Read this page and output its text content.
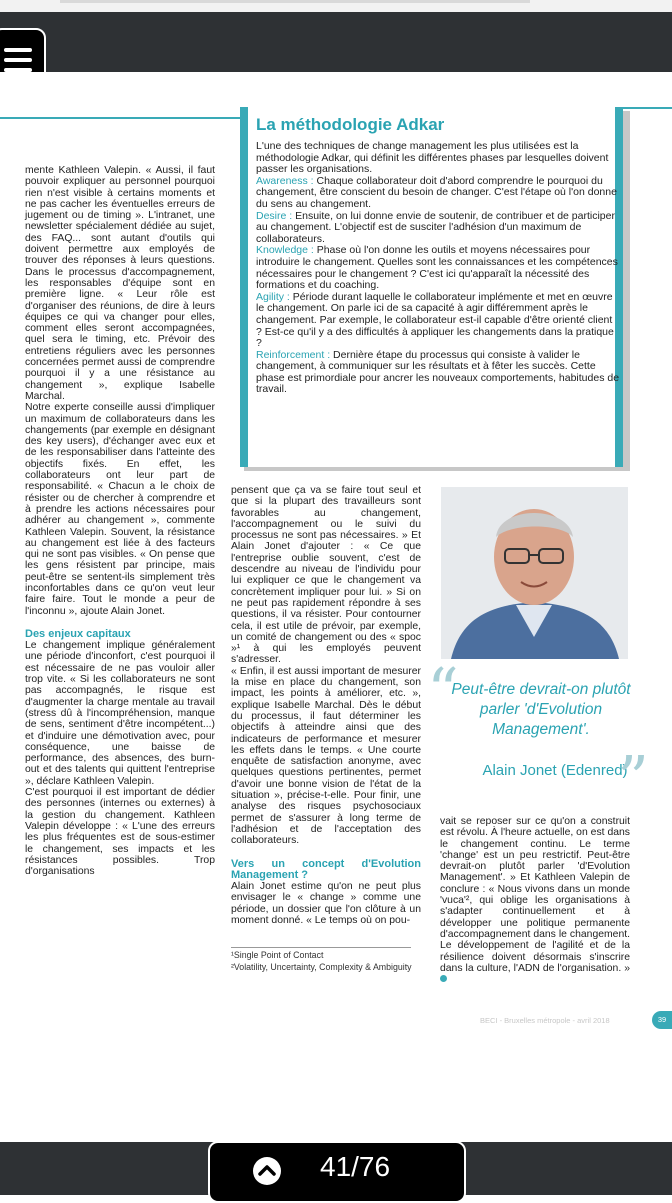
La méthodologie Adkar

L'une des techniques de change management les plus utilisées est la méthodologie Adkar, qui définit les différentes phases par lesquelles doivent passer les organisations.

Awareness : Chaque collaborateur doit d'abord comprendre le pourquoi du changement, être conscient du besoin de changer. C'est l'étape où l'on donne du sens au changement.

Desire : Ensuite, on lui donne envie de soutenir, de contribuer et de participer au changement. L'objectif est de susciter l'adhésion d'un maximum de collaborateurs.

Knowledge : Phase où l'on donne les outils et moyens nécessaires pour introduire le changement. Quelles sont les connaissances et les compétences nécessaires pour le changement ? C'est ici qu'apparaît la nécessité des formations et du coaching.

Agility : Période durant laquelle le collaborateur implémente et met en œuvre le changement. On parle ici de sa capacité à agir différemment après le changement. Par exemple, le collaborateur est-il capable d'être orienté client ? Est-ce qu'il y a des difficultés à appliquer les changements dans la pratique ?

Reinforcement : Dernière étape du processus qui consiste à valider le changement, à communiquer sur les résultats et à fêter les succès. Cette phase est primordiale pour ancrer les nouveaux comportements, habitudes de travail.

mente Kathleen Valepin. « Aussi, il faut pouvoir expliquer au personnel pourquoi rien n'est visible à certains moments et ne pas cacher les éventuelles erreurs de jugement ou de timing ». L'intranet, une newsletter spécialement dédiée au sujet, des FAQ... sont autant d'outils qui doivent permettre aux employés de trouver des réponses à leurs questions. Dans le processus d'accompagnement, les responsables d'équipe sont en première ligne. « Leur rôle est d'organiser des réunions, de dire à leurs équipes ce qui va changer pour elles, comment elles seront accompagnées, quel sera le timing, etc. Prévoir des entretiens réguliers avec les personnes concernées permet aussi de comprendre pourquoi il y a une résistance au changement », explique Isabelle Marchal.

Notre experte conseille aussi d'impliquer un maximum de collaborateurs dans les changements (par exemple en désignant des key users), d'échanger avec eux et de les responsabiliser dans l'atteinte des objectifs fixés. En effet, les collaborateurs ont leur part de responsabilité. « Chacun a le choix de résister ou de chercher à comprendre et à prendre les actions nécessaires pour adhérer au changement », commente Kathleen Valepin. Souvent, la résistance au changement est liée à des facteurs qui ne sont pas visibles. « On pense que les gens résistent par principe, mais peut-être se sentent-ils simplement très inconfortables dans ce qu'on veut leur faire faire. Tout le monde a peur de l'inconnu », ajoute Alain Jonet.

Des enjeux capitaux

Le changement implique généralement une période d'inconfort, c'est pourquoi il est nécessaire de ne pas vouloir aller trop vite. « Si les collaborateurs ne sont pas accompagnés, le risque est d'augmenter la charge mentale au travail (stress dû à l'incompréhension, manque de sens, sentiment d'être incompétent...) et d'induire une démotivation avec, pour conséquence, une baisse de performance, des absences, des burn-out et des talents qui quittent l'entreprise », déclare Kathleen Valepin.

C'est pourquoi il est important de dédier des personnes (internes ou externes) à la gestion du changement. Kathleen Valepin développe : « L'une des erreurs les plus fréquentes est de sous-estimer le changement, ses impacts et les résistances possibles. Trop d'organisations

pensent que ça va se faire tout seul et que si la plupart des travailleurs sont favorables au changement, l'accompagnement ou le suivi du processus ne sont pas nécessaires. » Et Alain Jonet d'ajouter : « Ce que l'entreprise oublie souvent, c'est de descendre au niveau de l'individu pour lui expliquer ce que le changement va concrètement impliquer pour lui. » Si on ne peut pas rapidement répondre à ses questions, il va résister. Pour contourner cela, il est utile de prévoir, par exemple, un comité de changement ou des « spoc »¹ à qui les employés peuvent s'adresser.

« Enfin, il est aussi important de mesurer la mise en place du changement, son impact, les points à améliorer, etc. », explique Isabelle Marchal. Dès le début du processus, il faut déterminer les objectifs à atteindre ainsi que des indicateurs de performance et mesurer les effets dans le temps. « Une courte enquête de satisfaction anonyme, avec quelques questions pertinentes, permet d'avoir une bonne vision de l'état de la situation », précise-t-elle. Pour finir, une analyse des risques psychosociaux permet de s'assurer à long terme de l'adhésion et de l'acceptation des collaborateurs.

Vers un concept d'Evolution Management ?

Alain Jonet estime qu'on ne peut plus envisager le « change » comme une période, un dossier que l'on clôture à un moment donné. « Le temps où on pou-

“
Peut-être devrait-on plutôt parler 'd'Evolution Management'.
Alain Jonet (Edenred)
”

vait se reposer sur ce qu'on a construit est révolu. À l'heure actuelle, on est dans le changement continu. Le terme 'change' est un peu restrictif. Peut-être devrait-on plutôt parler 'd'Evolution Management'. » Et Kathleen Valepin de conclure : « Nous vivons dans un monde 'vuca'², qui oblige les organisations à s'adapter continuellement et à développer une politique permanente d'accompagnement dans le changement. Le développement de l'agilité et de la résilience doivent désormais s'inscrire dans la culture, l'ADN de l'organisation. »

¹Single Point of Contact
²Volatility, Uncertainty, Complexity & Ambiguity
BECI - Bruxelles métropole - avril 2018	39
41/76
